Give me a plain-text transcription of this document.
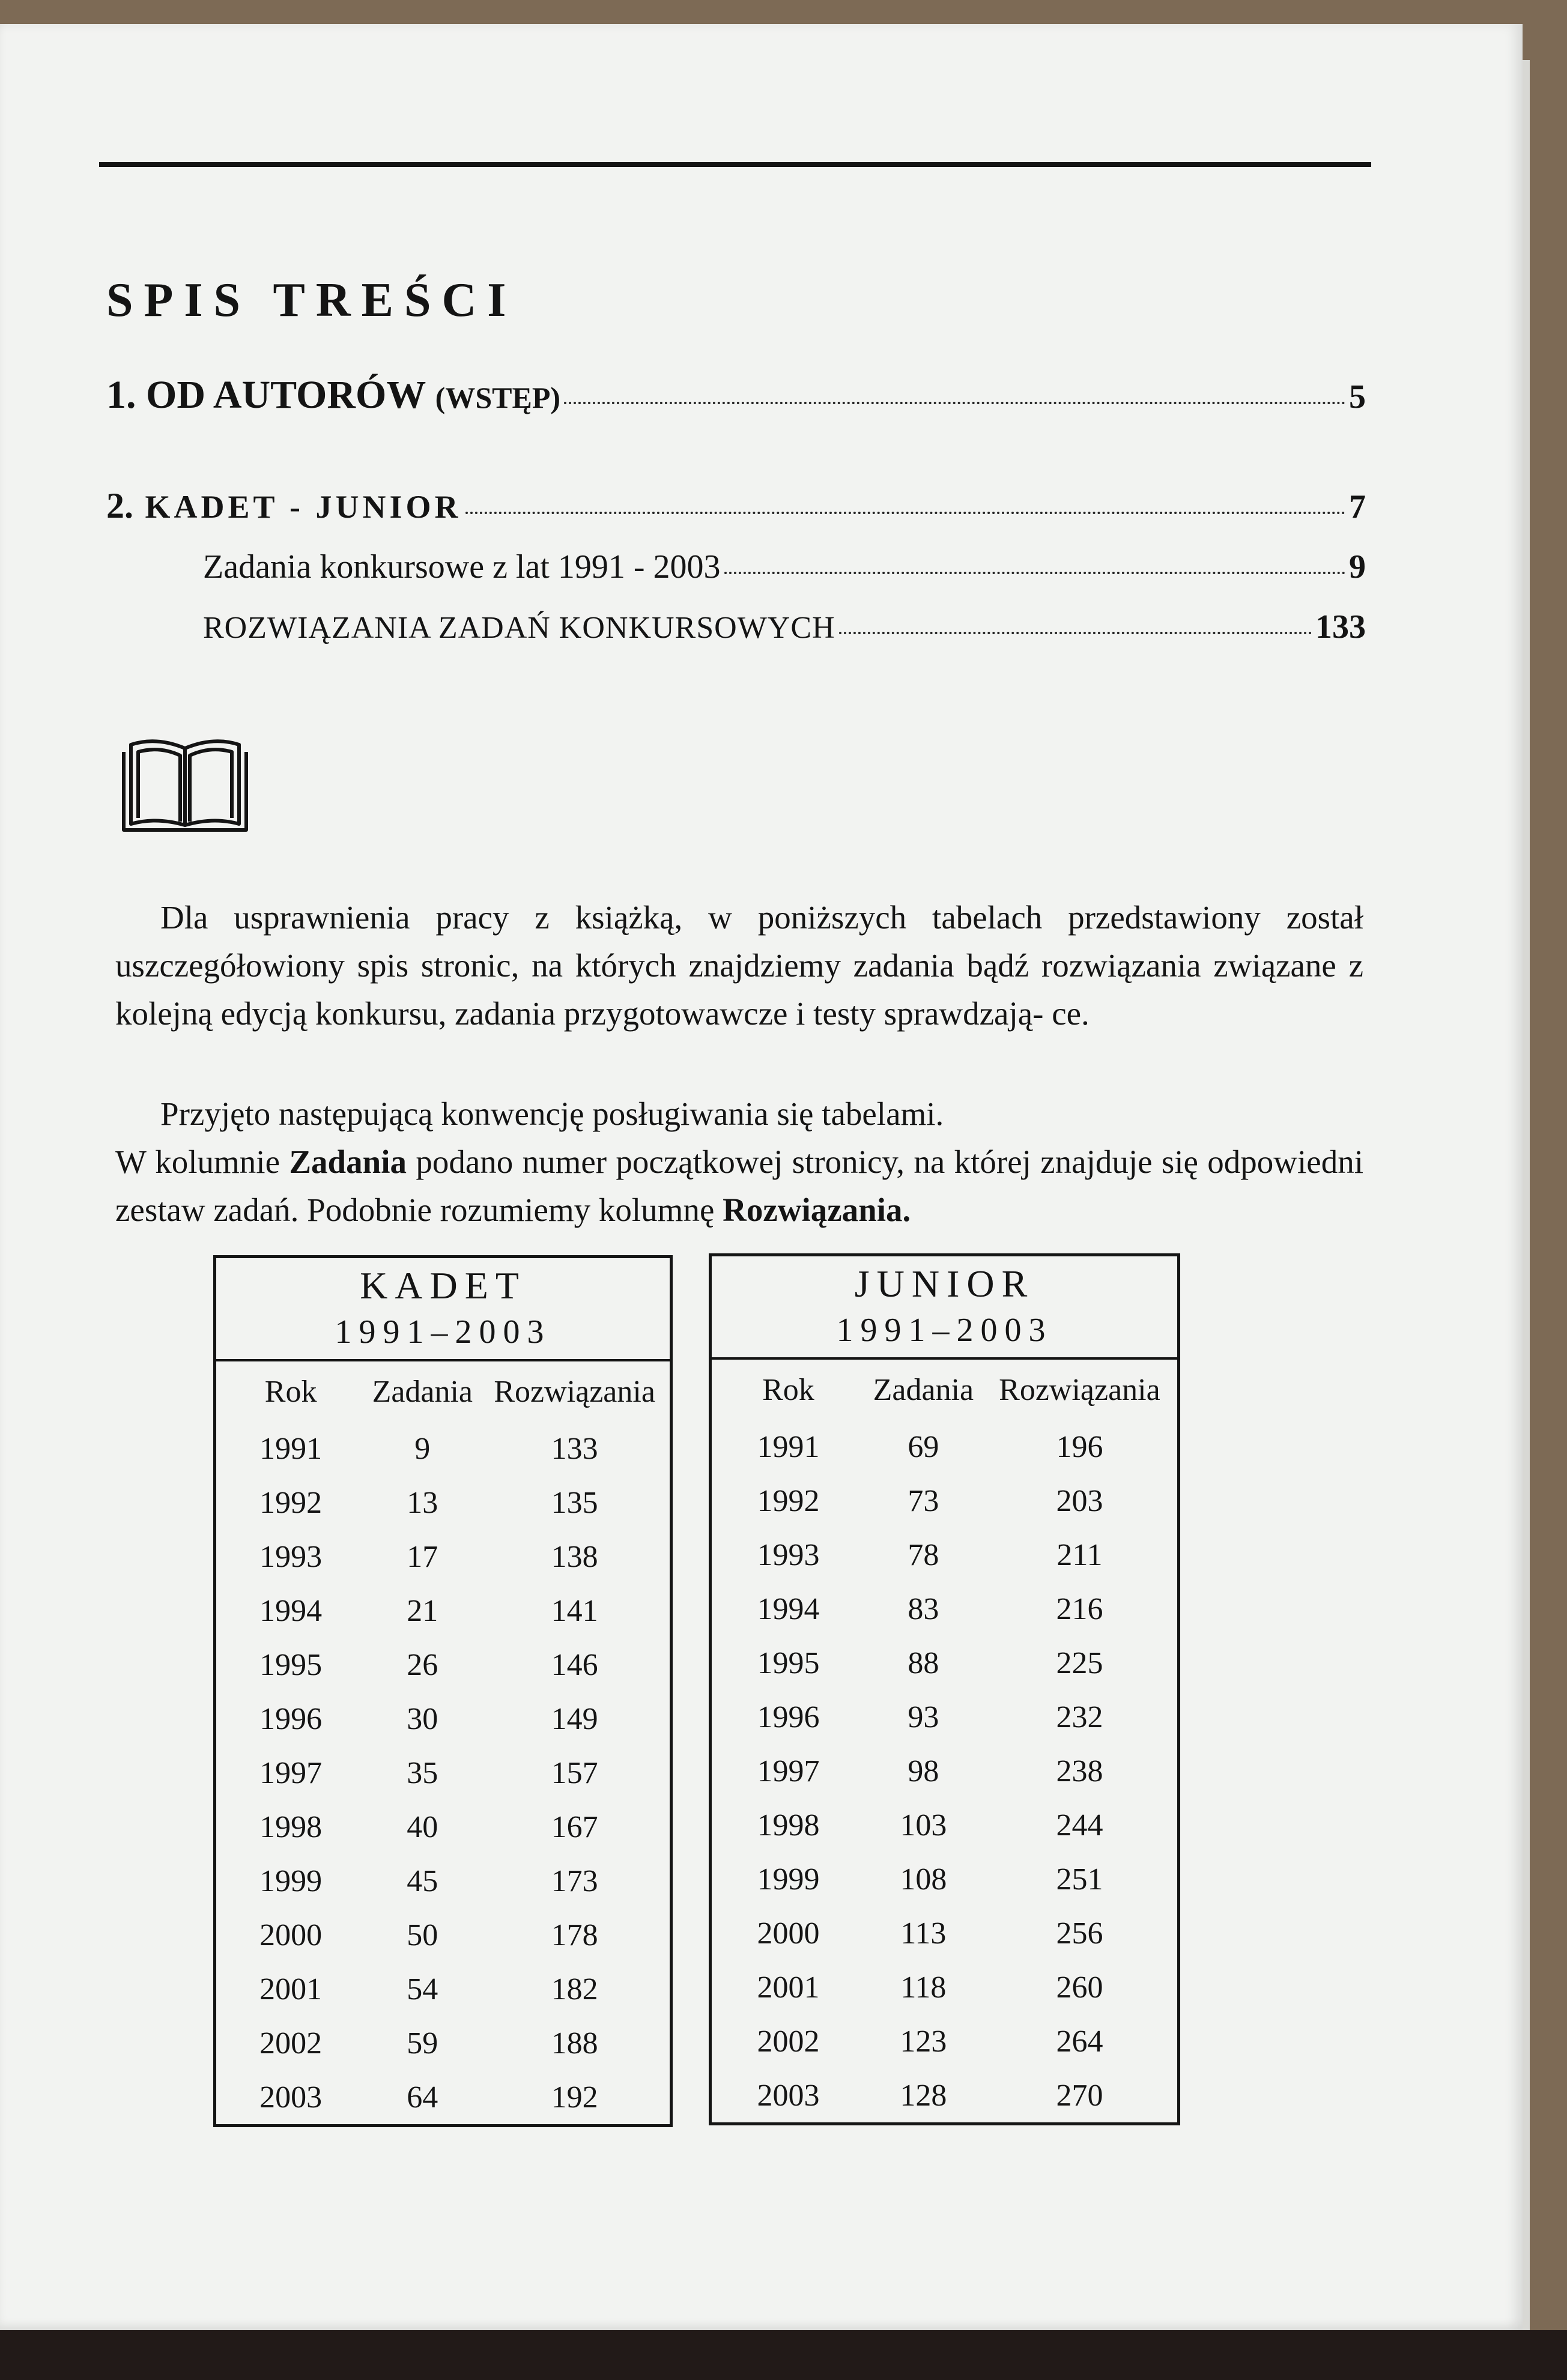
SPIS TREŚCI
1. OD AUTORÓW (WSTĘP)	5
2. KADET - JUNIOR	7
Zadania konkursowe z lat 1991 - 2003	9
ROZWIĄZANIA ZADAŃ KONKURSOWYCH	133

Dla usprawnienia pracy z książką, w poniższych tabelach przedstawiony został uszczegółowiony spis stronic, na których znajdziemy zadania bądź rozwiązania związane z kolejną edycją konkursu, zadania przygotowawcze i testy sprawdzają- ce.

Przyjęto następującą konwencję posługiwania się tabelami.

W kolumnie Zadania podano numer początkowej stronicy, na której znajduje się odpowiedni zestaw zadań. Podobnie rozumiemy kolumnę Rozwiązania.

KADET
1991–2003		
Rok	Zadania	Rozwiązania
1991	9	133
1992	13	135
1993	17	138
1994	21	141
1995	26	146
1996	30	149
1997	35	157
1998	40	167
1999	45	173
2000	50	178
2001	54	182
2002	59	188
2003	64	192
JUNIOR
1991–2003		
Rok	Zadania	Rozwiązania
1991	69	196
1992	73	203
1993	78	211
1994	83	216
1995	88	225
1996	93	232
1997	98	238
1998	103	244
1999	108	251
2000	113	256
2001	118	260
2002	123	264
2003	128	270
